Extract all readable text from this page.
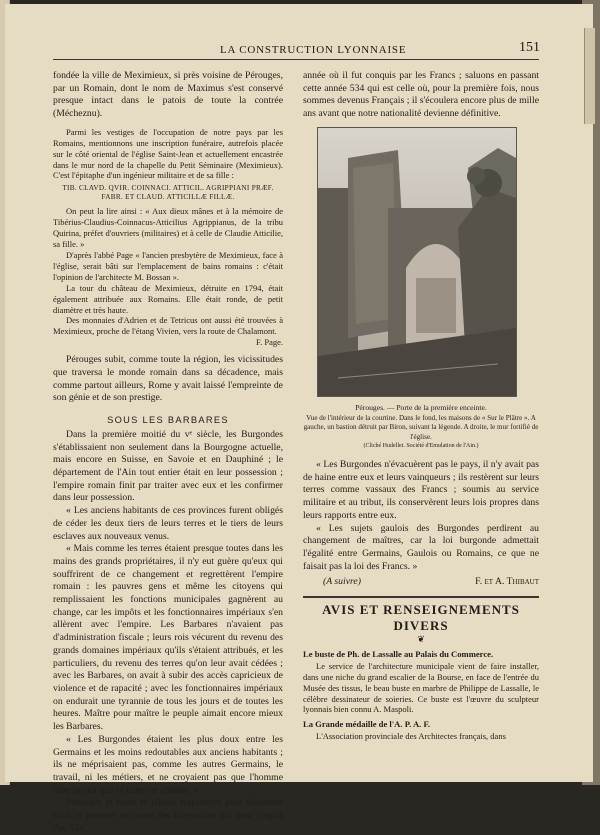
LA CONSTRUCTION LYONNAISE	151

fondée la ville de Meximieux, si près voisine de Pérouges, par un Romain, dont le nom de Maximus s'est conservé presque intact dans le patois de toute la contrée (Mécheznu).

Parmi les vestiges de l'occupation de notre pays par les Romains, mentionnons une inscription funéraire, autrefois placée sur le côté oriental de l'église Saint-Jean et actuellement encastrée dans le mur nord de la chapelle du Petit Séminaire (Meximieux). C'est l'épitaphe d'un ingénieur militaire et de sa fille :

TIB. CLAVD. QVIR. COINNACI. ATTICIL. AGRIPPIANI PRÆF. FABR. ET CLAUD. ATTICILLÆ FILLÆ.

On peut la lire ainsi : « Aux dieux mânes et à la mémoire de Tibérius-Claudius-Coinnacus-Atticilius Agrippianus, de la tribu Quirina, préfet d'ouvriers (militaires) et à celle de Claudie Atticilie, sa fille. »

D'après l'abbé Page « l'ancien presbytère de Meximieux, face à l'église, serait bâti sur l'emplacement de bains romains : c'était l'opinion de l'architecte M. Bossan ».

La tour du château de Meximieux, détruite en 1794, était également attribuée aux Romains. Elle était ronde, de petit diamètre et très haute.

Des monnaies d'Adrien et de Tetricus ont aussi été trouvées à Meximieux, proche de l'étang Vivien, vers la route de Chalamont.

F. Page.

Pérouges subit, comme toute la région, les vicissitudes que traversa le monde romain dans sa décadence, mais comme partout ailleurs, Rome y avait laissé l'empreinte de son génie et de son prestige.

SOUS LES BARBARES

Dans la première moitié du vᵉ siècle, les Burgondes s'établissaient non seulement dans la Bourgogne actuelle, mais encore en Suisse, en Savoie et en Dauphiné ; le département de l'Ain tout entier était en leur possession ; l'empire romain finit par traiter avec eux et les confirmer dans leur possession.

« Les anciens habitants de ces provinces furent obligés de céder les deux tiers de leurs terres et le tiers de leurs esclaves aux nouveaux venus.

« Mais comme les terres étaient presque toutes dans les mains des grands propriétaires, il n'y eut guère qu'eux qui souffrirent de ce changement et regrettèrent l'empire romain : les pauvres gens et même les citoyens qui remplissaient les fonctions municipales gagnèrent au change, car les impôts et les fonctionnaires impériaux s'en allèrent avec l'empire. Les Barbares n'avaient pas d'administration fiscale ; leurs rois vécurent du revenu des grands domaines impériaux qu'ils s'étaient attribués, et les particuliers, du revenu des terres qu'on leur avait cédées ; avec les Barbares, on avait à subir des accès capricieux de violence et de rapacité ; avec les fonctionnaires impériaux on endurait une tyrannie de tous les jours et de toutes les heures. Maître pour maître le peuple aimait encore mieux les Barbares.

« Les Burgondes étaient les plus doux entre les Germains et les moins redoutables aux anciens habitants ; ils ne méprisaient pas, comme les autres Germains, le travail, ni les métiers, et ne croyaient pas que l'homme libre ne dût que se battre et chasser. »

Pérouges et toute la région respirèrent plus librement sous ce premier royaume des Burgondes qui dura jusqu'à l'an 534,

année où il fut conquis par les Francs ; saluons en passant cette année 534 qui est celle où, pour la première fois, nous sommes devenus Français ; il s'écoulera encore plus de mille ans avant que notre nationalité devienne définitive.

Pérouges. — Porte de la première enceinte.

Vue de l'intérieur de la courtine. Dans le fond, les maisons de « Sur le Plâtre ». A gauche, un bastion détruit par Biron, suivant la légende. A droite, le mur fortifié de l'église.

(Cliché Hudellet. Société d'Emulation de l'Ain.)

« Les Burgondes n'évacuèrent pas le pays, il n'y avait pas de haine entre eux et leurs vainqueurs ; ils restèrent sur leurs terres comme vassaux des Francs ; soumis au service militaire et au tribut, ils conservèrent leurs lois propres dans leurs rapports entre eux.

« Les sujets gaulois des Burgondes perdirent au changement de maîtres, car la loi burgonde admettait l'égalité entre Germains, Gaulois ou Romains, ce que ne faisait pas la loi des Francs. »

(A suivre)	F. et A. Thibaut

AVIS ET RENSEIGNEMENTS DIVERS

❦

Le buste de Ph. de Lassalle au Palais du Commerce.

Le service de l'architecture municipale vient de faire installer, dans une niche du grand escalier de la Bourse, en face de l'entrée du Musée des tissus, le beau buste en marbre de Philippe de Lassalle, le célèbre dessinateur de soieries. Ce buste est l'œuvre du sculpteur lyonnais bien connu A. Maspoli.

La Grande médaille de l'A. P. A. F.

L'Association provinciale des Architectes français, dans
